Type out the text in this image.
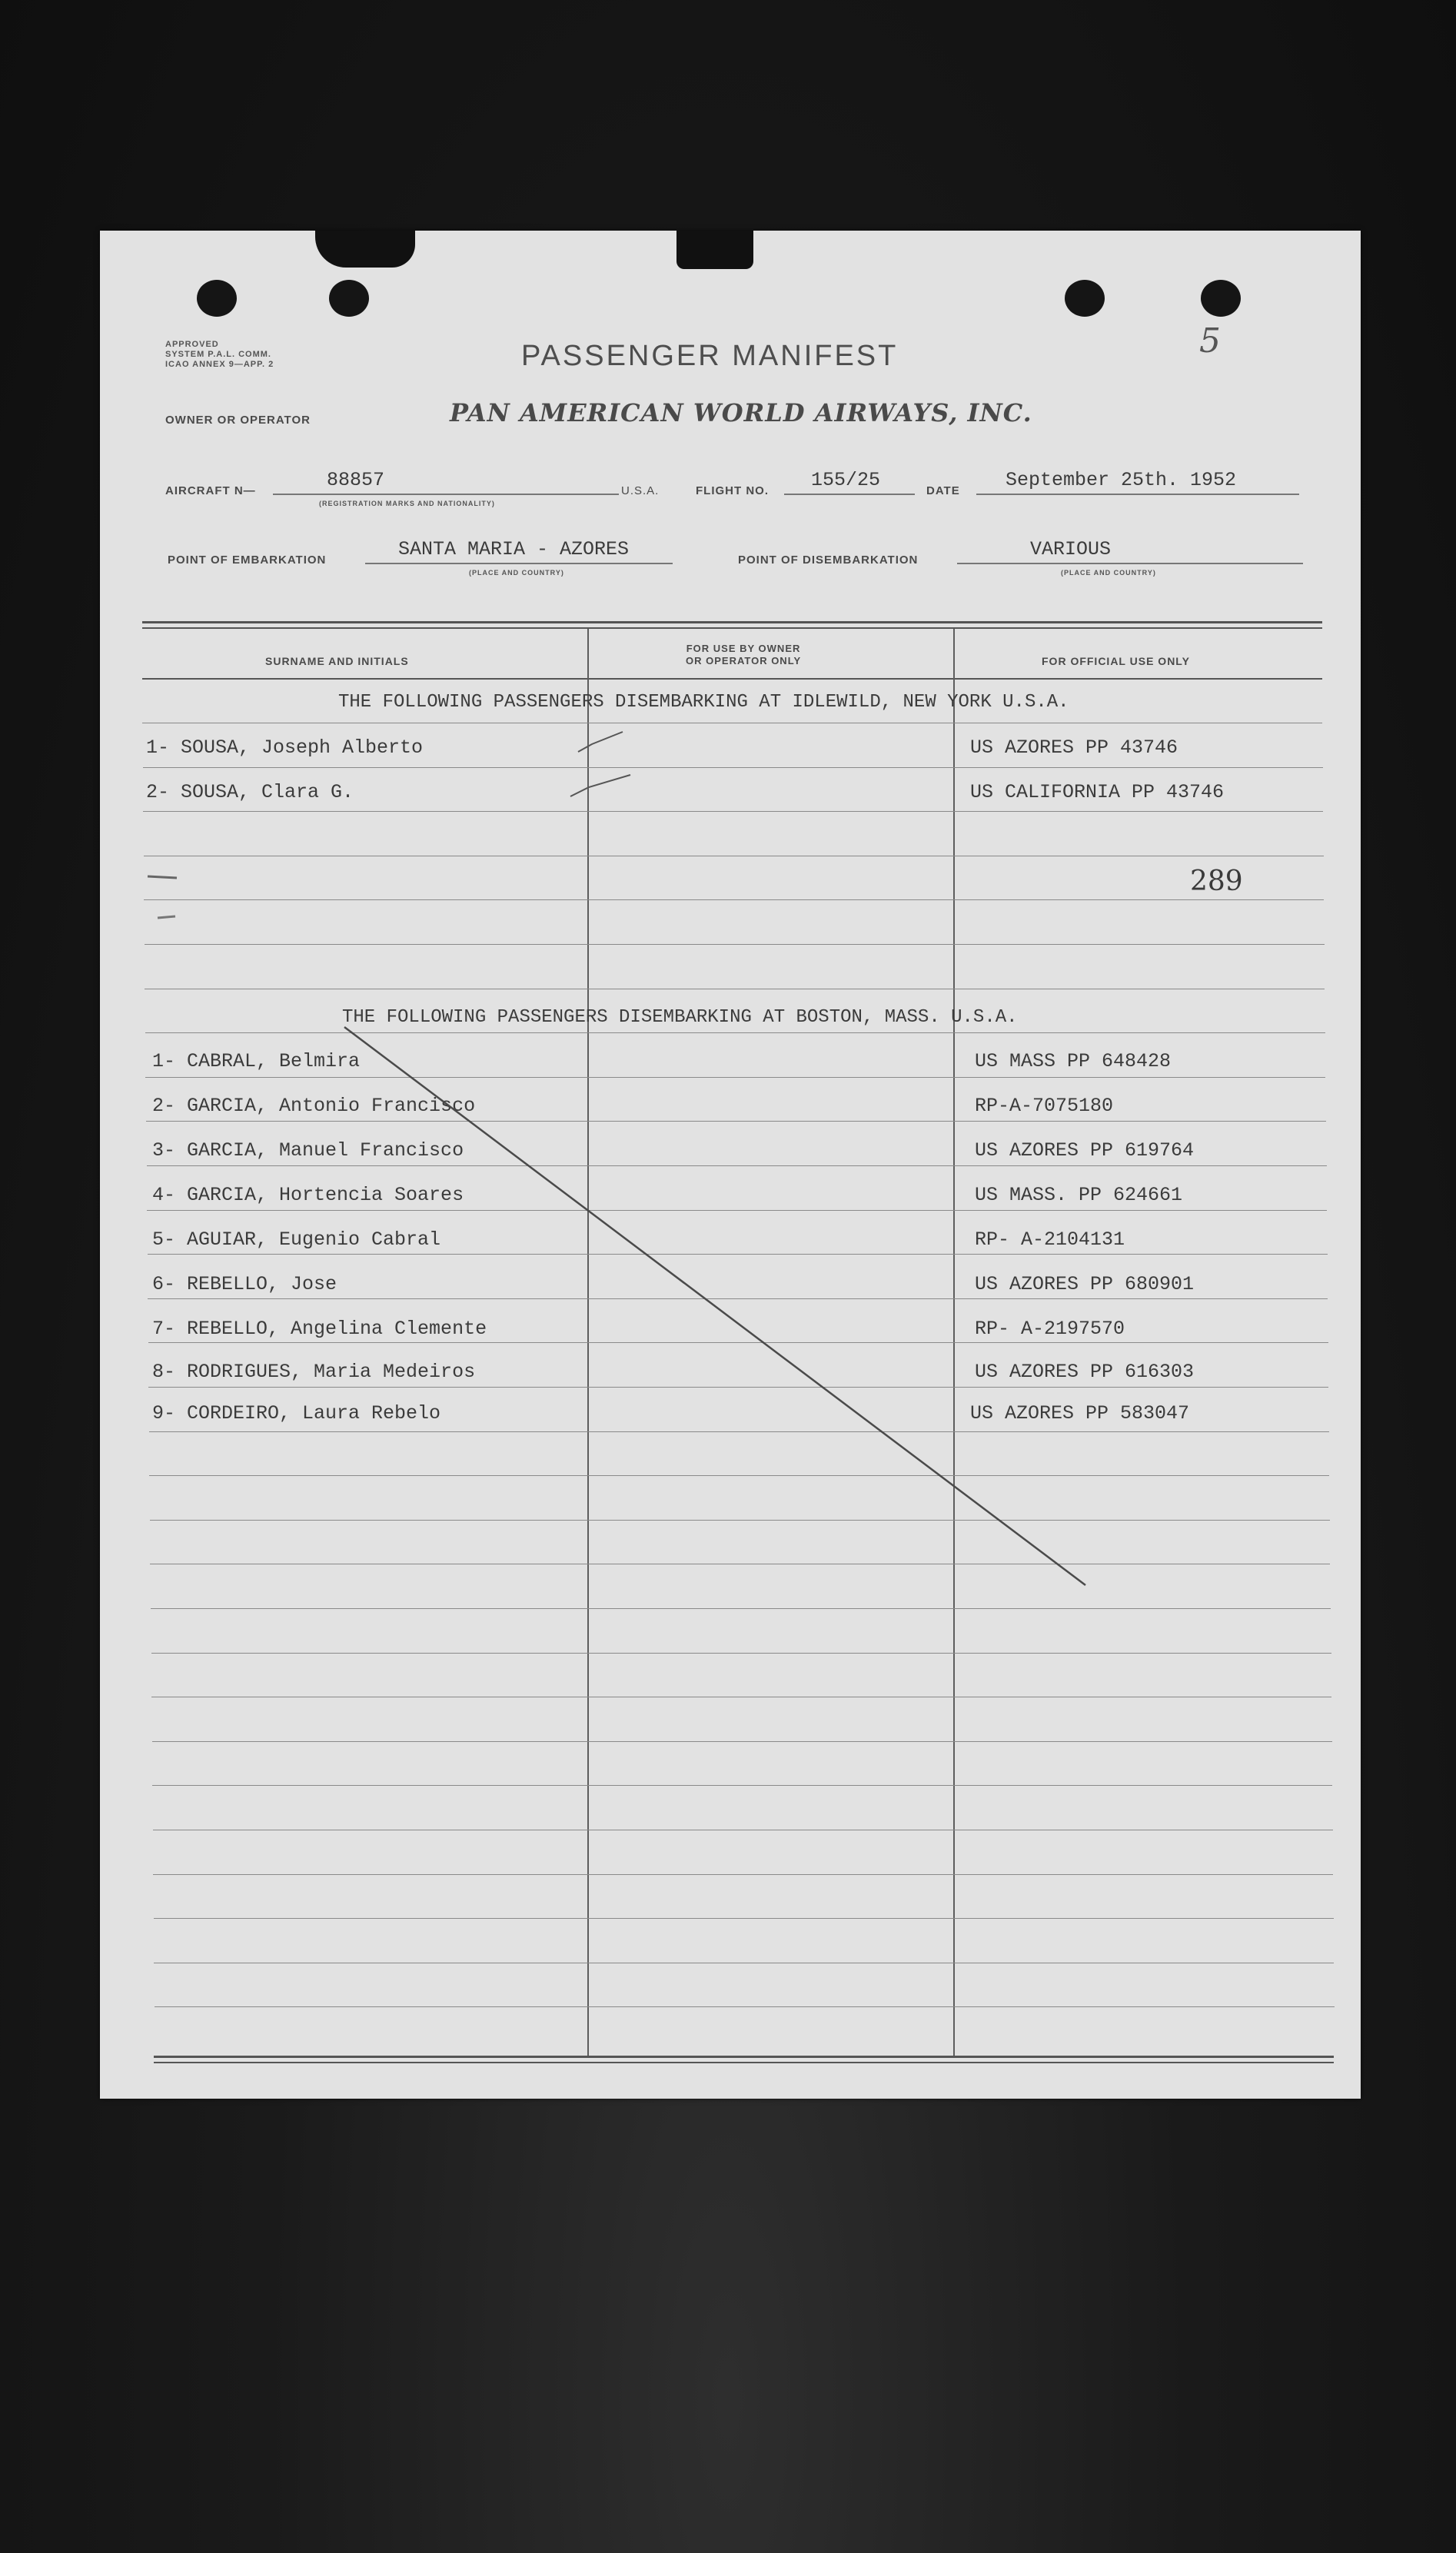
APPROVED
SYSTEM P.A.L. COMM.
ICAO ANNEX 9—APP. 2	PASSENGER MANIFEST	5
OWNER OR OPERATOR	PAN AMERICAN WORLD AIRWAYS, INC.
AIRCRAFT N—	88857
(REGISTRATION MARKS AND NATIONALITY)
U.S.A.	FLIGHT NO. 155/25	DATE September 25th. 1952
POINT OF EMBARKATION	SANTA MARIA - AZORES
(PLACE AND COUNTRY)
POINT OF DISEMBARKATION	VARIOUS
(PLACE AND COUNTRY)
SURNAME AND INITIALS
FOR USE BY OWNER
OR OPERATOR ONLY	FOR OFFICIAL USE ONLY
THE FOLLOWING PASSENGERS DISEMBARKING AT IDLEWILD, NEW YORK U.S.A.
1- SOUSA, Joseph Alberto	US AZORES PP 43746
2- SOUSA, Clara G.	US CALIFORNIA PP 43746
289
THE FOLLOWING PASSENGERS DISEMBARKING AT BOSTON, MASS. U.S.A.
1- CABRAL, Belmira	US MASS PP 648428
2- GARCIA, Antonio Francisco	RP-A-7075180
3- GARCIA, Manuel Francisco	US AZORES PP 619764
4- GARCIA, Hortencia Soares	US MASS. PP 624661
5- AGUIAR, Eugenio Cabral	RP- A-2104131
6- REBELLO, Jose	US AZORES PP 680901
7- REBELLO, Angelina Clemente	RP- A-2197570
8- RODRIGUES, Maria Medeiros	US AZORES PP 616303
9- CORDEIRO, Laura Rebelo	US AZORES PP 583047
